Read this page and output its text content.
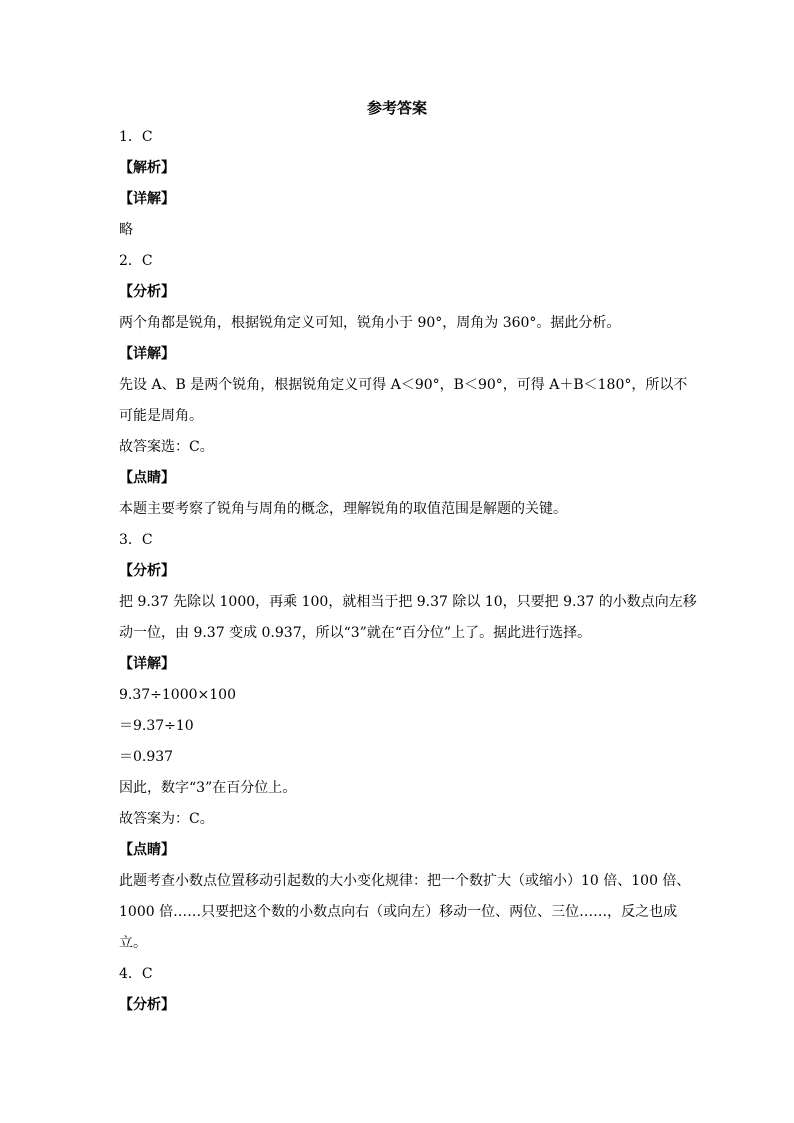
参考答案
1．C
【解析】
【详解】
略
2．C
【分析】
两个角都是锐角，根据锐角定义可知，锐角小于 90°，周角为 360°。据此分析。
【详解】
先设 A、B 是两个锐角，根据锐角定义可得 A＜90°，B＜90°，可得 A＋B＜180°，所以不
可能是周角。
故答案选：C。
【点睛】
本题主要考察了锐角与周角的概念，理解锐角的取值范围是解题的关键。
3．C
【分析】
把 9.37 先除以 1000，再乘 100，就相当于把 9.37 除以 10，只要把 9.37 的小数点向左移
动一位，由 9.37 变成 0.937，所以“3”就在“百分位”上了。据此进行选择。
【详解】
9.37÷1000×100
＝9.37÷10
＝0.937
因此，数字“3”在百分位上。
故答案为：C。
【点睛】
此题考查小数点位置移动引起数的大小变化规律：把一个数扩大（或缩小）10 倍、100 倍、
1000 倍……只要把这个数的小数点向右（或向左）移动一位、两位、三位……，反之也成
立。
4．C
【分析】
